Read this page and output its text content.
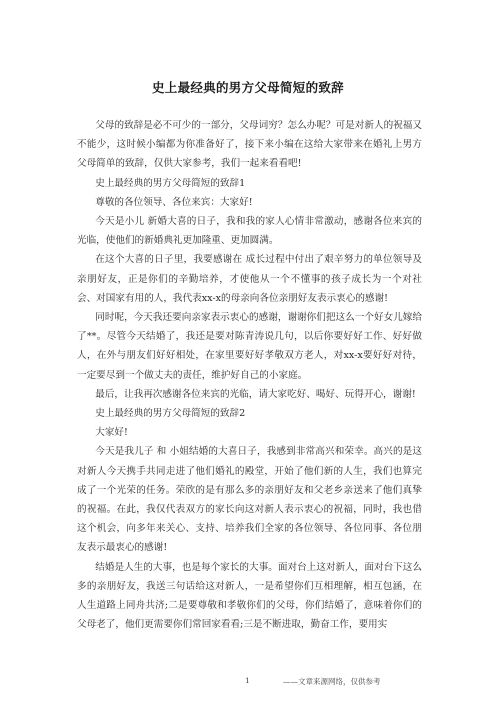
史上最经典的男方父母简短的致辞

父母的致辞是必不可少的一部分，父母词穷？怎么办呢？可是对新人的祝福又不能少，这时候小编都为你准备好了，接下来小编在这给大家带来在婚礼上男方父母简单的致辞，仅供大家参考，我们一起来看看吧!

史上最经典的男方父母简短的致辞1

尊敬的各位领导、各位来宾：大家好!

今天是小儿 新婚大喜的日子，我和我的家人心情非常激动，感谢各位来宾的光临，使他们的新婚典礼更加隆重、更加圆满。

在这个大喜的日子里，我要感谢在 成长过程中付出了艰辛努力的单位领导及亲朋好友，正是你们的辛勤培养，才使他从一个不懂事的孩子成长为一个对社会、对国家有用的人，我代表xx-x的母亲向各位亲朋好友表示衷心的感谢!

同时呢，今天我还要向亲家表示衷心的感谢，谢谢你们把这么一个好女儿嫁给了**。尽管今天结婚了，我还是要对陈青涛说几句，以后你要好好工作、好好做人，在外与朋友们好好相处，在家里要好好孝敬双方老人，对xx-x要好好对待，一定要尽到一个做丈夫的责任，维护好自己的小家庭。

最后，让我再次感谢各位来宾的光临，请大家吃好、喝好、玩得开心，谢谢!

史上最经典的男方父母简短的致辞2

大家好!

今天是我儿子 和 小姐结婚的大喜日子，我感到非常高兴和荣幸。高兴的是这对新人今天携手共同走进了他们婚礼的殿堂，开始了他们新的人生，我们也算完成了一个光荣的任务。荣欣的是有那么多的亲朋好友和父老乡亲送来了他们真挚的祝福。在此，我仅代表双方的家长向这对新人表示衷心的祝福，同时，我也借这个机会，向多年来关心、支持、培养我们全家的各位领导、各位同事、各位朋友表示最衷心的感谢!

结婚是人生的大事，也是每个家长的大事。面对台上这对新人，面对台下这么多的亲朋好友，我送三句话给这对新人，一是希望你们互相理解，相互包涵，在人生道路上同舟共济;二是要尊敬和孝敬你们的父母，你们结婚了，意味着你们的父母老了，他们更需要你们常回家看看;三是不断进取，勤奋工作，要用实

1	——文章来源网络，仅供参考
